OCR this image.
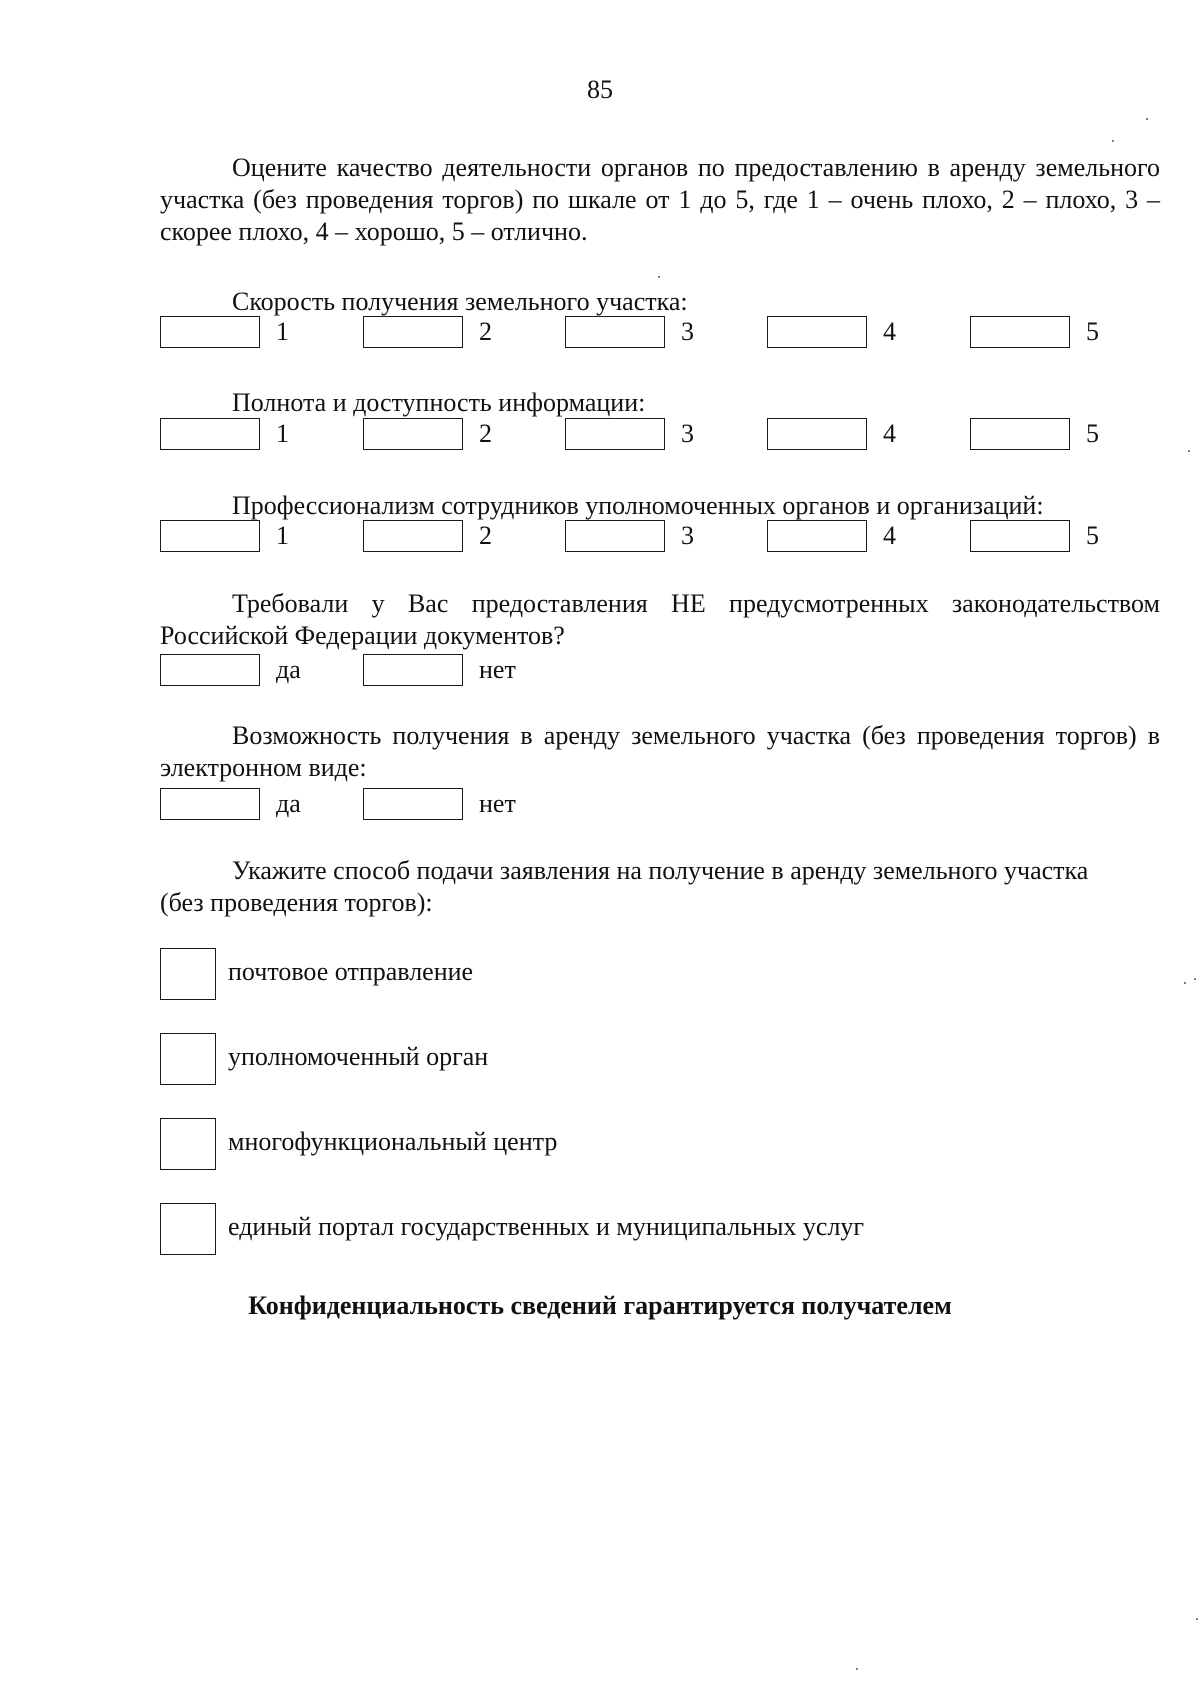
85
Оцените качество деятельности органов по предоставлению в аренду земельного участка (без проведения торгов) по шкале от 1 до 5, где 1 – очень плохо, 2 – плохо, 3 – скорее плохо, 4 – хорошо, 5 – отлично.
Скорость получения земельного участка:
1	2	3	4	5
Полнота и доступность информации:
1	2	3	4	5
Профессионализм сотрудников уполномоченных органов и организаций:
1	2	3	4	5
Требовали у Вас предоставления НЕ предусмотренных законодательством Российской Федерации документов?
да	нет
Возможность получения в аренду земельного участка (без проведения торгов) в электронном виде:
да	нет
Укажите способ подачи заявления на получение в аренду земельного участка (без проведения торгов):
почтовое отправление
уполномоченный орган
многофункциональный центр
единый портал государственных и муниципальных услуг
Конфиденциальность сведений гарантируется получателем
